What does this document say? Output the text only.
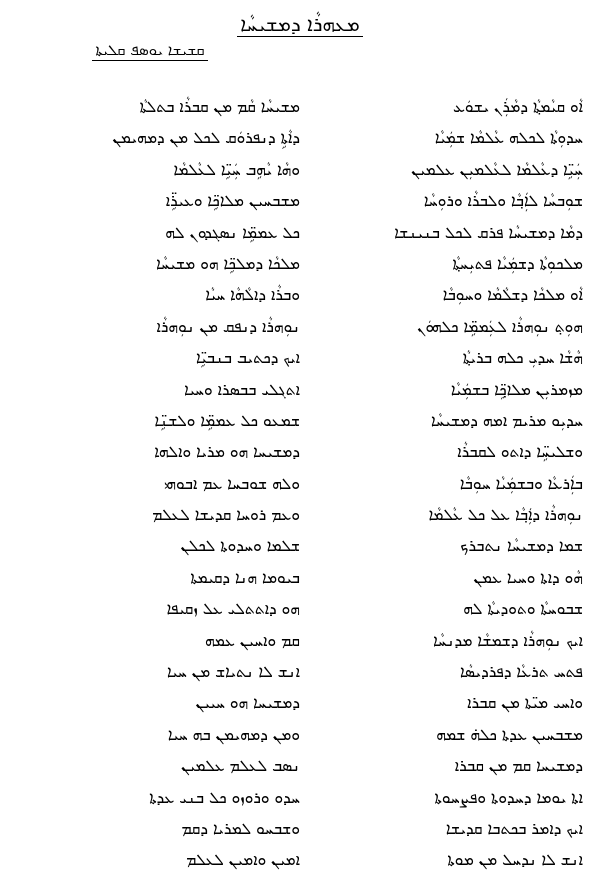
ܡܥܗܪܵܐ ܕܡܫܝܚܵܐ
ܩܫܝܫܐ ܝܘܣܦ ܩܠܝܬܐ
ܐܵܘ ܩܝܵܡܬ݂ܵܐ ܕܡܵܪܲܢ ܝܫܘܿܥ
ܚܕܘܼܬܵܐ ܠܟܠܗ ܥܵܠܡܵܐ ܫܡܲܝܵܐ
ܚܲܝܹ̈ܐ ܕܥܵܠܡܵܐ ܠܥܵܠܡܝܼܢ ܥܠܡܝܢ
ܫܘܼܒܚܵܐ ܠܐܲܒ݂ܵܐ ܘܠܒܪܵܐ ܘܪܘܼܚܵܐ
ܕܡܵܐ ܕܡܫܝܚܵܐ ܦܪܩ ܠܟܠ ܒܢܝܢܫܐ
ܡܠܟܘܼܬܵܐ ܕܫܡܲܝܵܐ ܦܬܝܼܚܬ݂ܵܐ
ܐܵܘ ܡܠܟܵܐ ܕܫܠܵܡܵܐ ܘܚܘܼܒܵܐ
ܗܘܼܬ݂ ܢܘܼܗܪܵܐ ܠܥܲܡܡܹ̈ܐ ܟܠܗܘܿܢ
ܗܵܫܵܐ ܚܕܝܼ ܟܠܗ ܒܪܝܬ݂ܵܐ
ܡܙܡܪܝܼܢ ܡܠܐܟ݂ܹ̈ܐ ܒܫܡܲܝܵܐ
ܚܕܝܼܘ ܡܪܝܡ ܐܡܗ ܕܡܫܝܚܵܐ
ܘܫܠܝܚܹ̈ܐ ܕܐܬܘ ܠܩܒܪܵܐ
ܒܐܲܪܥܵܐ ܘܒܫܡܲܝܵܐ ܚܘܼܒܵܐ
ܢܘܼܗܪܵܐ ܕܐܲܒ݂ܵܐ ܥܠ ܟܠ ܥܵܠܡܵܐ
ܫܡܐ ܕܡܫܝܚܵܐ ܢܬܒܪܟ
ܗܵܘ ܕܐܬܐ ܘܚܝܐ ܥܡܢ
ܫܒܘܚܬܵܐ ܘܬܘܕܝܬܵܐ ܠܗ
ܐܝܟ ܢܘܼܗܪܵܐ ܕܫܡܫܵܐ ܡܕܢܚܵܐ
ܦܬܚ ܬܪܥܵܐ ܕܦܪܕܝܣܵܐ
ܘܐܚܝ ܡܝ̈ܬܐ ܡܢ ܩܒܪܐ
ܡܫܒܚܝܢ ܥܕܬܐ ܟܠܗ̇ ܫܡܗ
ܕܡܫܝܚܐ ܩܡ ܡܢ ܩܒܪܐ
ܐܬܐ ܝܘܡܐ ܕܚܕܘܬܐ ܘܦܨܚܘܬܐ
ܐܝܟ ܕܐܡܪ ܒܟܬܒܐ ܩܕܝܫܐ
ܐܢܫ ܠܐ ܢܕܚܠ ܡܢ ܡܘܬܐ
ܡܫܝܚܵܐ ܩܵܡ ܡܢ ܩܒܪܵܐ ܒܬܠܬܵܐ
ܕܐܵܬܹܐ ܕܢܦܪܘܿܩ ܠܟܠ ܡܢ ܕܡܗܝܡܢ
ܘܗܵܐ ܝܵܗܹܒ ܚܲܝܹ̈ܐ ܠܥܵܠܡܵܐ
ܡܫܒܚܝܢ ܡܠܐܟܹ̈ܐ ܘܥܝܪܹ̈ܐ
ܟܠ ܥܡܡܹ̈ܐ ܢܣܓܕܘܢ ܠܗ
ܡܠܟܵܐ ܕܡܠܟܹ̈ܐ ܗܘ ܡܫܝܚܵܐ
ܘܒܪܵܐ ܕܐܠܵܗܵܐ ܚܝܵܐ
ܢܘܼܗܪܵܐ ܕܢܦܩ ܡܢ ܢܘܼܗܪܵܐ
ܐܝܟ ܕܟܬܝܒ ܒܢܒܝܹ̈ܐ
ܐܬܓܠܝ ܒܒܣܪܐ ܘܚܝܐ
ܫܡܥܘ ܟܠ ܥܡܡܹ̈ܐ ܘܠܫܢܹ̈ܐ
ܕܡܫܝܚܐ ܗܘ ܡܪܝܐ ܘܐܠܗܐ
ܘܠܗ ܫܘܒܚܐ ܥܡ ܐܒܘܗܝ
ܘܥܡ ܪܘܚܐ ܩܕܝܫܐ ܠܥܠܡ
ܫܠܡܐ ܘܚܕܘܬܐ ܠܟܠܢ
ܒܝܘܡܐ ܗܢܐ ܕܩܝܡܬܐ
ܗܘ ܕܐܬܬܠܝ ܥܠ ܙܩܝܦܐ
ܩܡ ܘܐܚܝܢ ܥܡܗ
ܐܢܫ ܠܐ ܢܬܝܐܫ ܡܢ ܚܝܐ
ܕܡܫܝܚܐ ܗܘ ܚܝܝܢ
ܘܡܢ ܕܡܗܝܡܢ ܒܗ ܚܝܐ
ܢܣܒ ܠܥܠܡ ܥܠܡܝܢ
ܚܕܘ ܘܪܘܙܘ ܟܠ ܒܢܝ ܥܕܬܐ
ܘܫܒܚܘ ܠܡܪܝܐ ܕܩܡ
ܐܡܝܢ ܘܐܡܝܢ ܠܥܠܡ
